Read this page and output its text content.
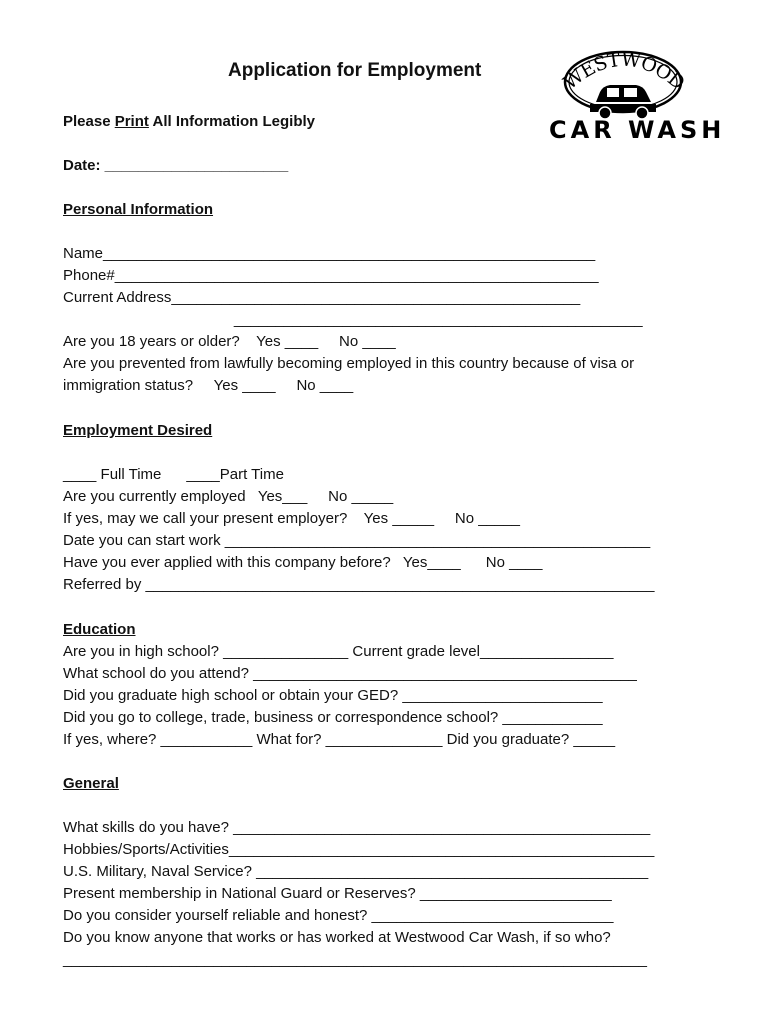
Application for Employment
Please Print All Information Legibly
Date: ______________________
WESTWOOD
CAR WASH
Personal Information
Name___________________________________________________________
Phone#__________________________________________________________
Current Address_________________________________________________
_________________________________________________
Are you 18 years or older?    Yes ____     No ____
Are you prevented from lawfully becoming employed in this country because of visa or
immigration status?     Yes ____     No ____
Employment Desired
____ Full Time      ____Part Time
Are you currently employed   Yes___     No _____
If yes, may we call your present employer?    Yes _____     No _____
Date you can start work ___________________________________________________
Have you ever applied with this company before?   Yes____      No ____
Referred by _____________________________________________________________
Education
Are you in high school? _______________ Current grade level________________
What school do you attend? ______________________________________________
Did you graduate high school or obtain your GED? ________________________
Did you go to college, trade, business or correspondence school? ____________
If yes, where? ___________ What for? ______________ Did you graduate? _____
General
What skills do you have? __________________________________________________
Hobbies/Sports/Activities___________________________________________________
U.S. Military, Naval Service? _______________________________________________
Present membership in National Guard or Reserves? _______________________
Do you consider yourself reliable and honest? _____________________________
Do you know anyone that works or has worked at Westwood Car Wash, if so who?
______________________________________________________________________
